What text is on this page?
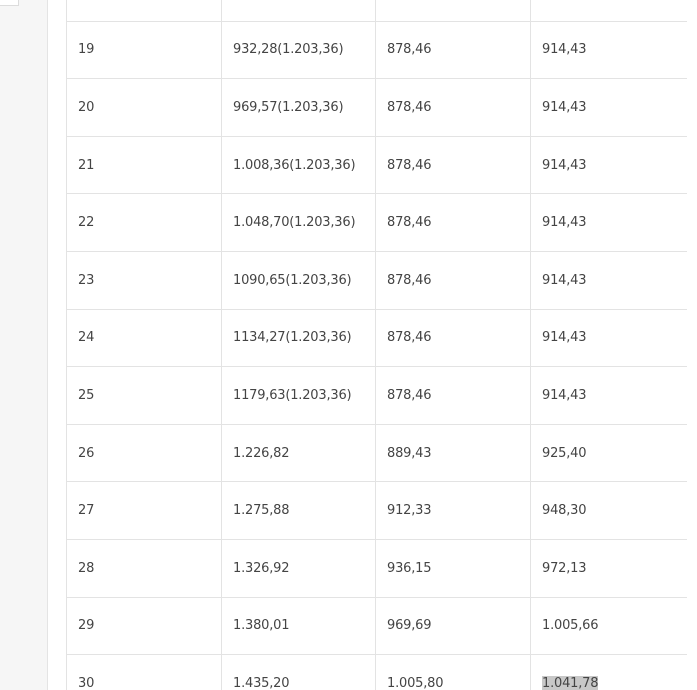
19	932,28(1.203,36)	878,46	914,43
20	969,57(1.203,36)	878,46	914,43
21	1.008,36(1.203,36)	878,46	914,43
22	1.048,70(1.203,36)	878,46	914,43
23	1090,65(1.203,36)	878,46	914,43
24	1134,27(1.203,36)	878,46	914,43
25	1179,63(1.203,36)	878,46	914,43
26	1.226,82	889,43	925,40
27	1.275,88	912,33	948,30
28	1.326,92	936,15	972,13
29	1.380,01	969,69	1.005,66
30	1.435,20	1.005,80	1.041,78
